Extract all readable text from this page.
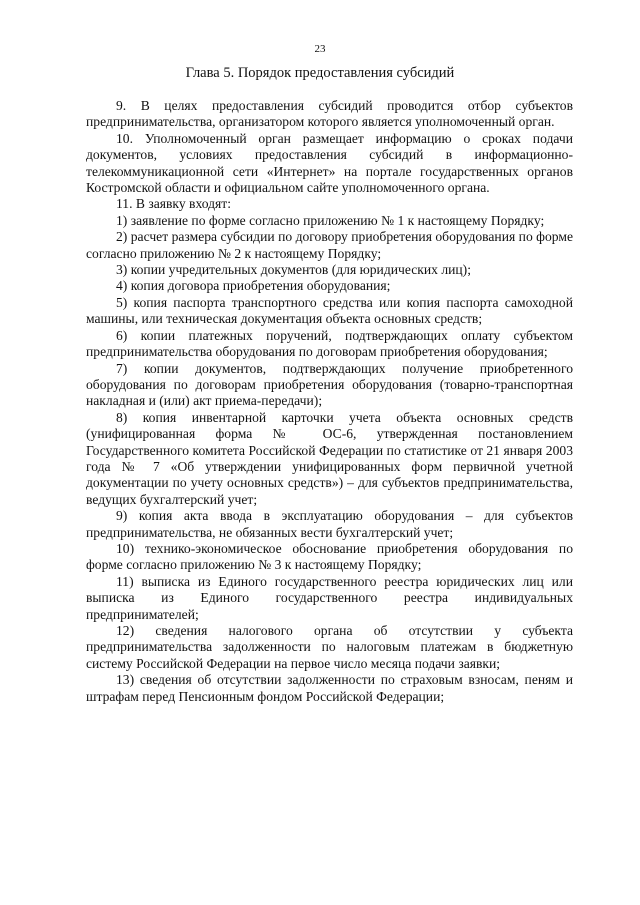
23
Глава 5. Порядок предоставления субсидий

9. В целях предоставления субсидий проводится отбор субъектов предпринимательства, организатором которого является уполномоченный орган.

10. Уполномоченный орган размещает информацию о сроках подачи документов, условиях предоставления субсидий в информационно-телекоммуникационной сети «Интернет» на портале государственных органов Костромской области и официальном сайте уполномоченного органа.

11. В заявку входят:

1) заявление по форме согласно приложению № 1 к настоящему Порядку;

2) расчет размера субсидии по договору приобретения оборудования по форме согласно приложению № 2 к настоящему Порядку;

3) копии учредительных документов (для юридических лиц);

4) копия договора приобретения оборудования;

5) копия паспорта транспортного средства или копия паспорта самоходной машины, или техническая документация объекта основных средств;

6) копии платежных поручений, подтверждающих оплату субъектом предпринимательства оборудования по договорам приобретения оборудования;

7) копии документов, подтверждающих получение приобретенного оборудования по договорам приобретения оборудования (товарно-транспортная накладная и (или) акт приема-передачи);

8) копия инвентарной карточки учета объекта основных средств (унифицированная форма № ОС-6, утвержденная постановлением Государственного комитета Российской Федерации по статистике от 21 января 2003 года № 7 «Об утверждении унифицированных форм первичной учетной документации по учету основных средств») – для субъектов предпринимательства, ведущих бухгалтерский учет;

9) копия акта ввода в эксплуатацию оборудования – для субъектов предпринимательства, не обязанных вести бухгалтерский учет;

10) технико-экономическое обоснование приобретения оборудования по форме согласно приложению № 3 к настоящему Порядку;

11) выписка из Единого государственного реестра юридических лиц или выписка из Единого государственного реестра индивидуальных предпринимателей;

12) сведения налогового органа об отсутствии у субъекта предпринимательства задолженности по налоговым платежам в бюджетную систему Российской Федерации на первое число месяца подачи заявки;

13) сведения об отсутствии задолженности по страховым взносам, пеням и штрафам перед Пенсионным фондом Российской Федерации;
